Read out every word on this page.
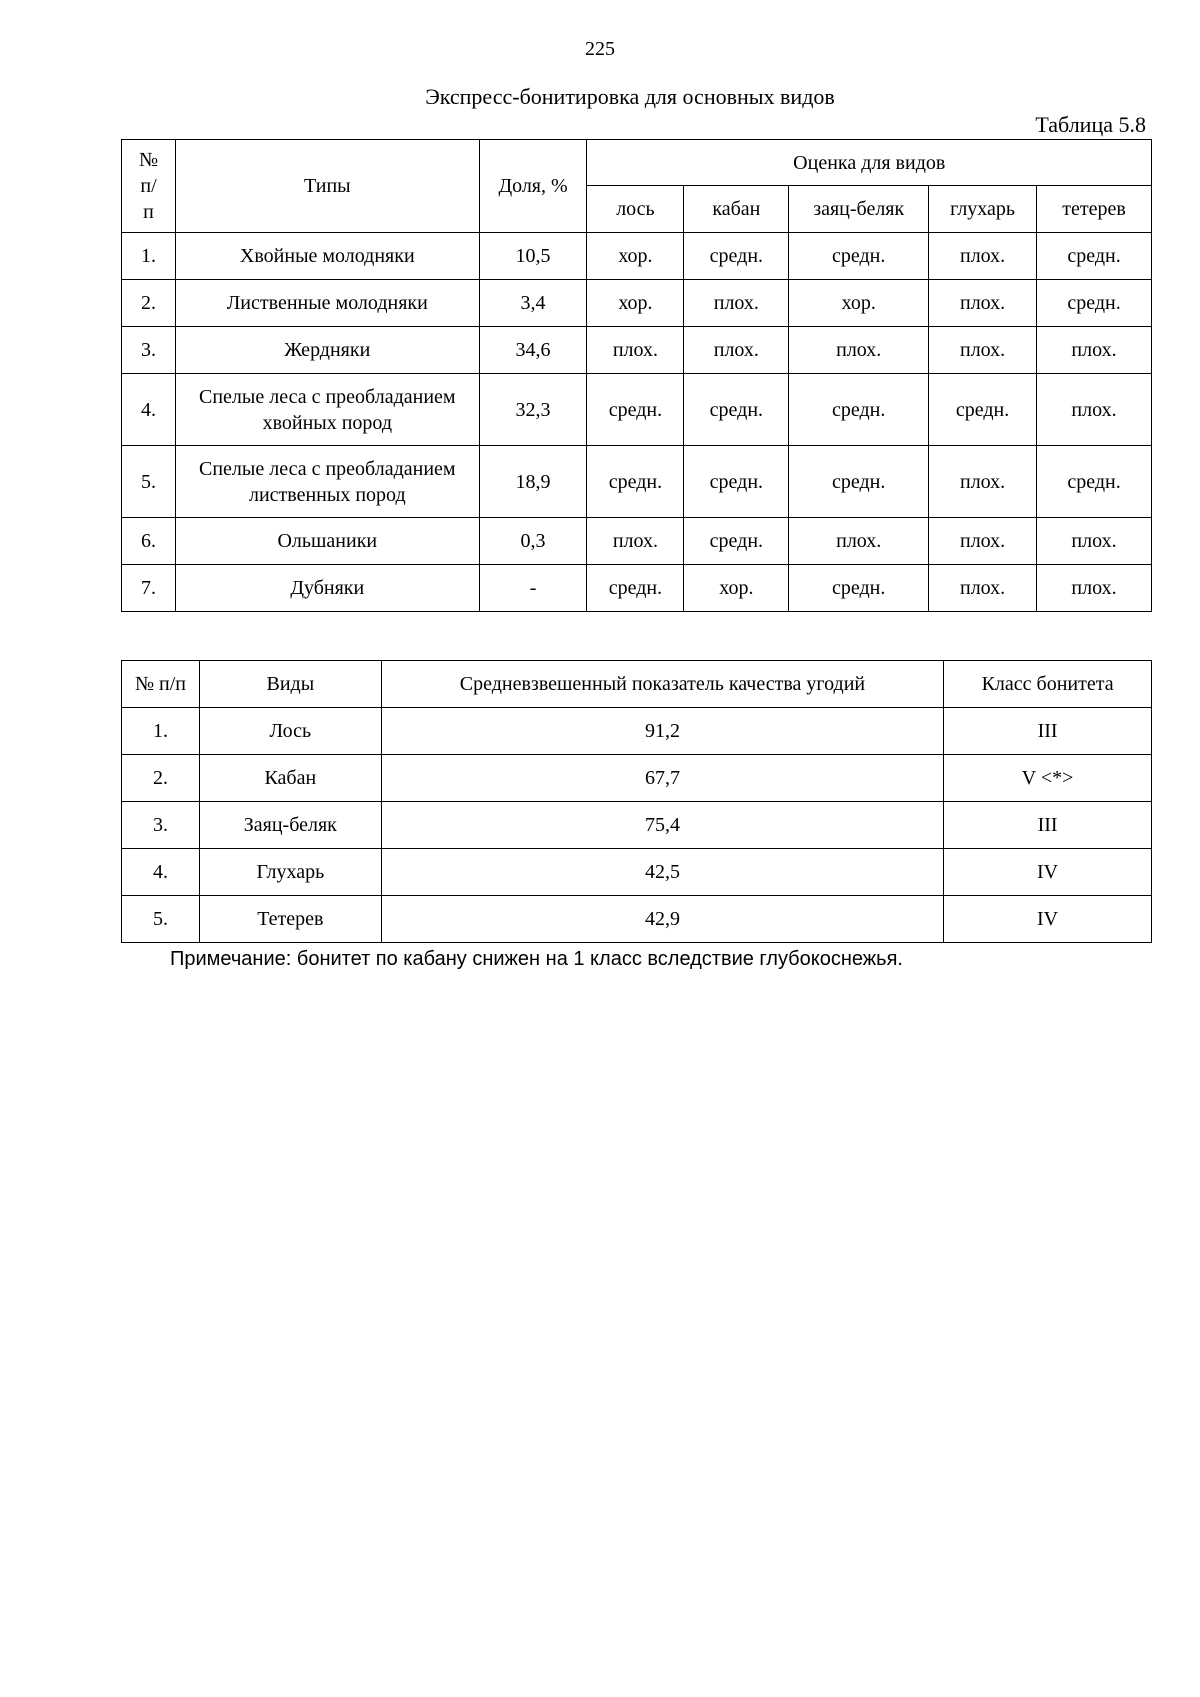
225
Экспресс-бонитировка для основных видов
Таблица 5.8
№ п/п	Типы	Доля, %	Оценка для видов				
			лось	кабан	заяц-беляк	глухарь	тетерев
1.	Хвойные молодняки	10,5	хор.	средн.	средн.	плох.	средн.
2.	Лиственные молодняки	3,4	хор.	плох.	хор.	плох.	средн.
3.	Жердняки	34,6	плох.	плох.	плох.	плох.	плох.
4.	Спелые леса с преобладанием хвойных пород	32,3	средн.	средн.	средн.	средн.	плох.
5.	Спелые леса с преобладанием лиственных пород	18,9	средн.	средн.	средн.	плох.	средн.
6.	Ольшаники	0,3	плох.	средн.	плох.	плох.	плох.
7.	Дубняки	-	средн.	хор.	средн.	плох.	плох.
№ п/п	Виды	Средневзвешенный показатель качества угодий	Класс бонитета
1.	Лось	91,2	III
2.	Кабан	67,7	V <*>
3.	Заяц-беляк	75,4	III
4.	Глухарь	42,5	IV
5.	Тетерев	42,9	IV
Примечание: бонитет по кабану снижен на 1 класс вследствие глубокоснежья.
